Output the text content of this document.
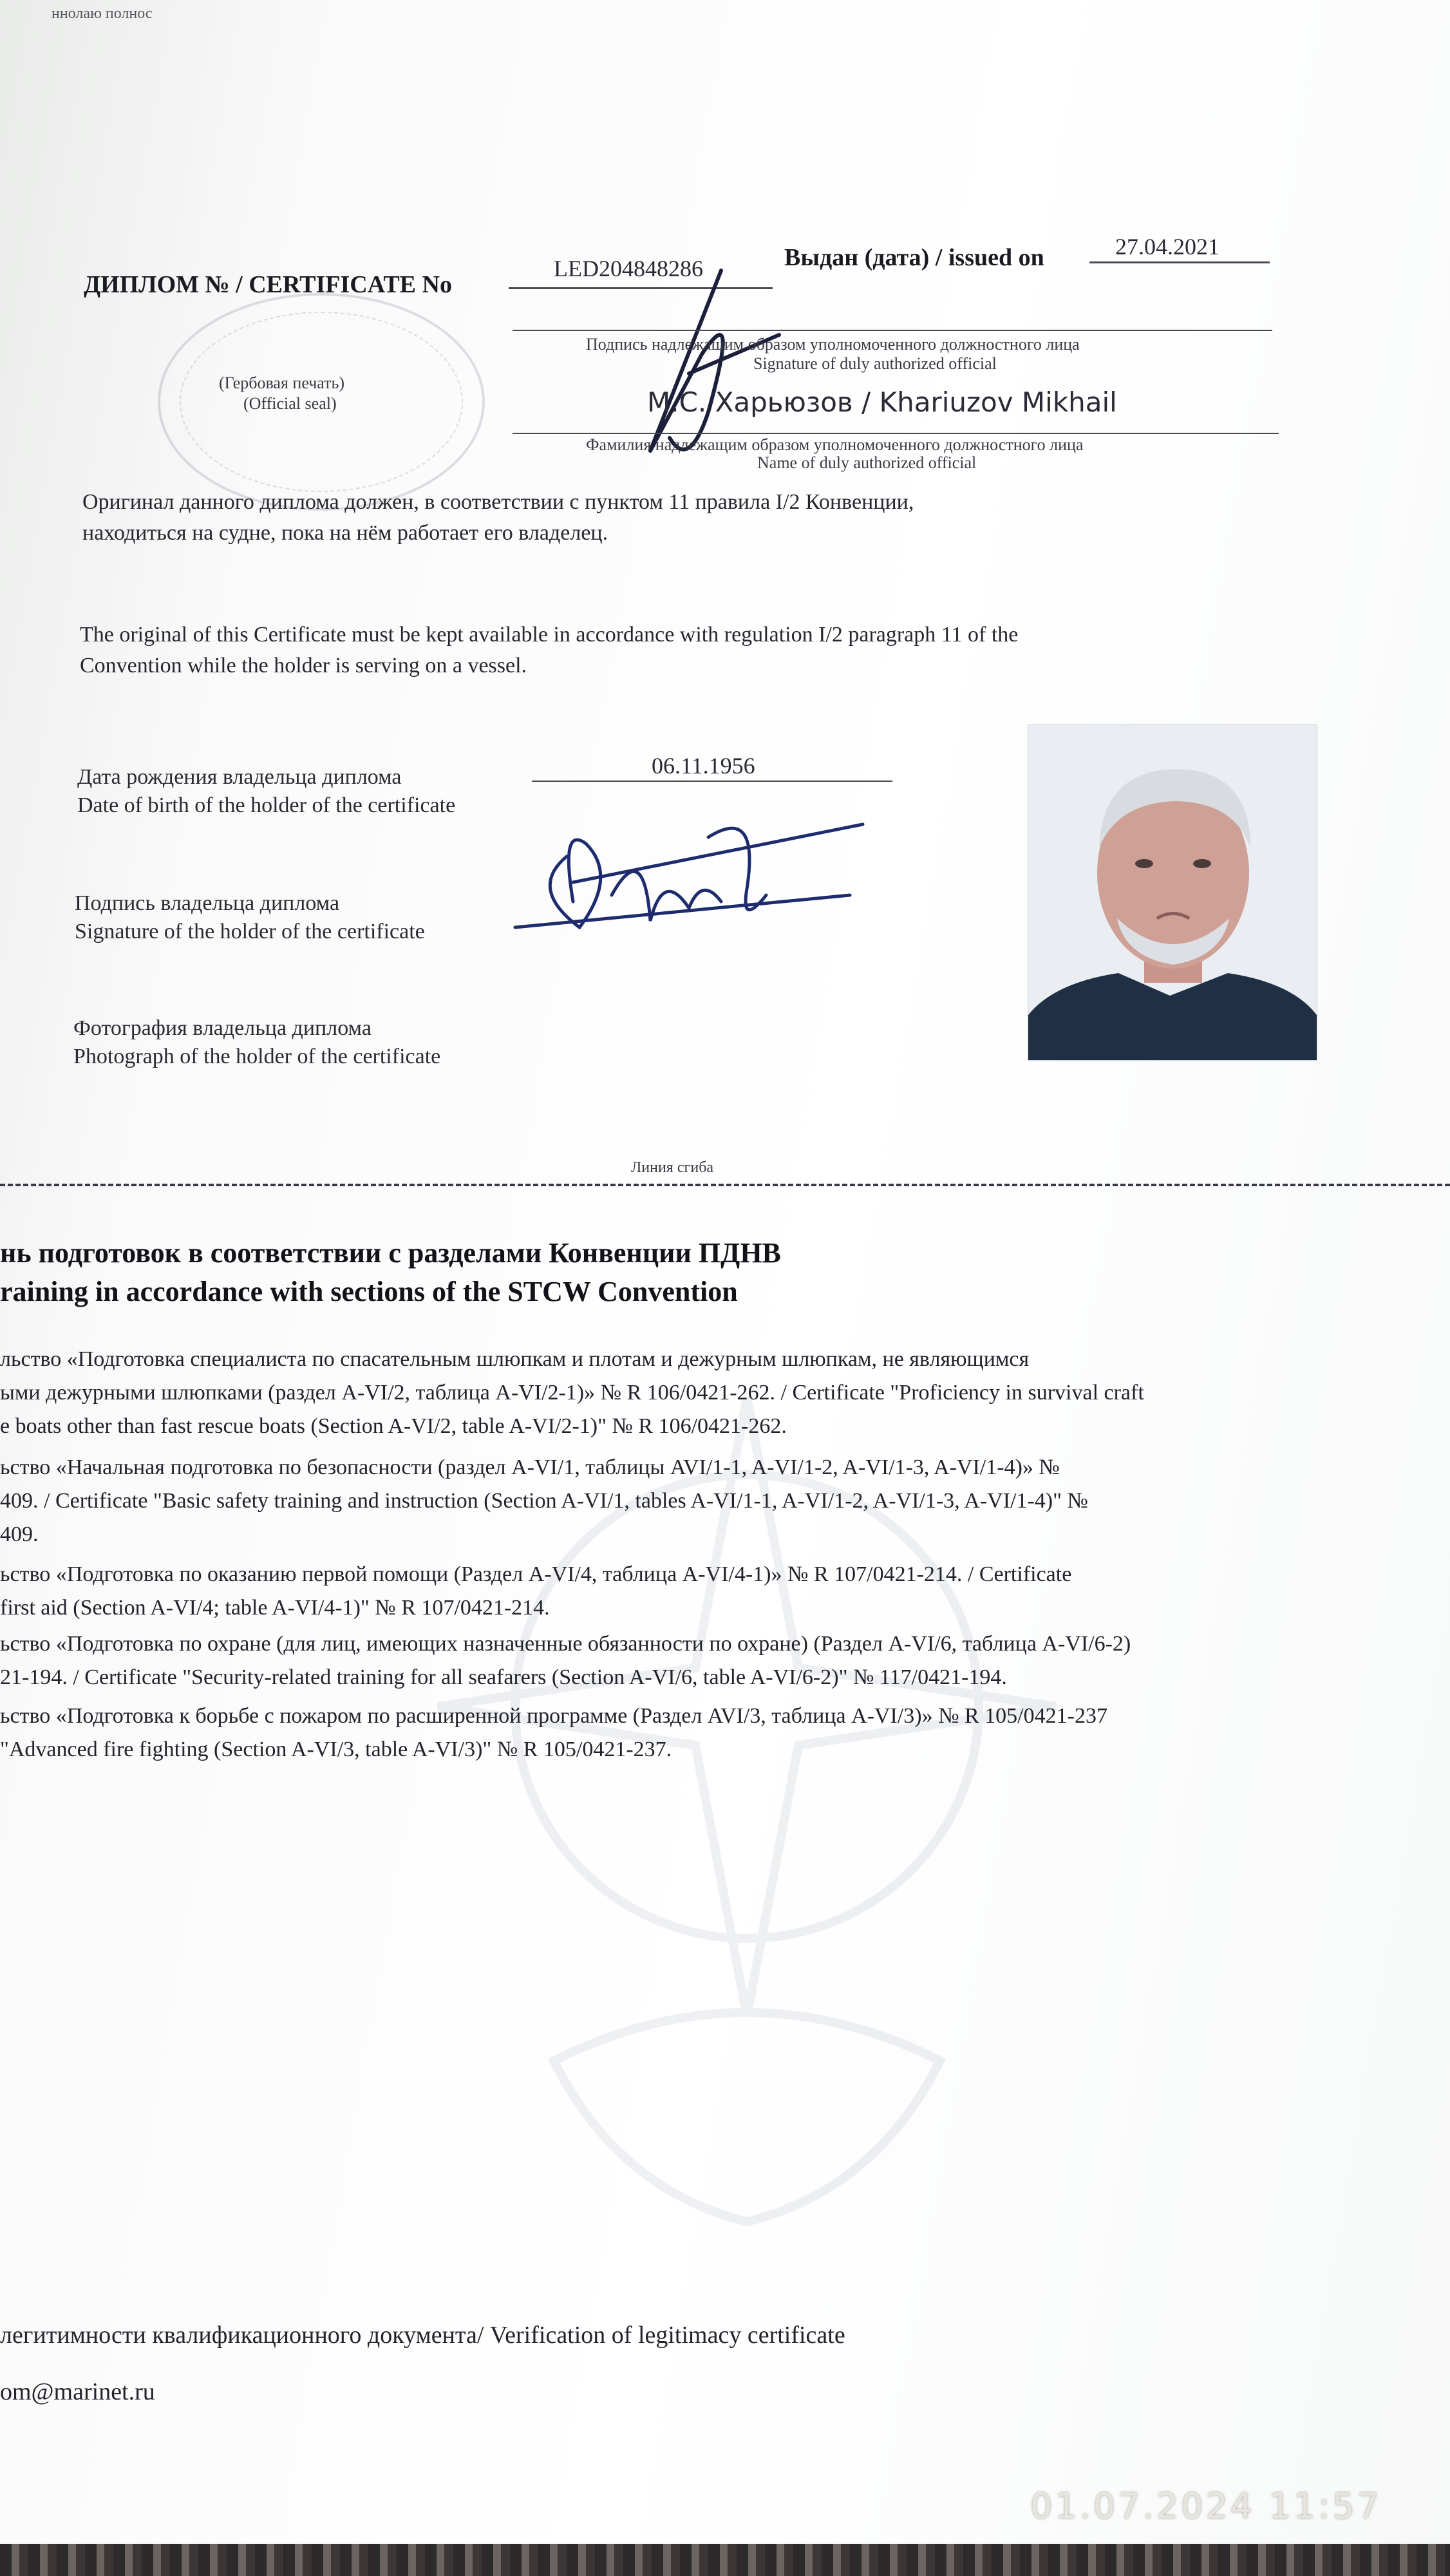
ннолаю полнос
(Гербовая печать)
(Official seal)
ДИПЛОМ № / CERTIFICATE No
LED204848286	Выдан (дата) / issued on	27.04.2021
Подпись надлежащим образом уполномоченного должностного лица
Signature of duly authorized official
М.С. Харьюзов / Khariuzov Mikhail
Фамилия надлежащим образом уполномоченного должностного лица
Name of duly authorized official
Оригинал данного диплома должен, в соответствии с пунктом 11 правила I/2 Конвенции,
находиться на судне, пока на нём работает его владелец.
The original of this Certificate must be kept available in accordance with regulation I/2 paragraph 11 of the
Convention while the holder is serving on a vessel.
Дата рождения владельца диплома
Date of birth of the holder of the certificate
06.11.1956
Подпись владельца диплома
Signature of the holder of the certificate
Фотография владельца диплома
Photograph of the holder of the certificate
Линия сгиба
нь подготовок в соответствии с разделами Конвенции ПДНВ
raining in accordance with sections of the STCW Convention
льство «Подготовка специалиста по спасательным шлюпкам и плотам и дежурным шлюпкам, не являющимся
ыми дежурными шлюпками (раздел A-VI/2, таблица A-VI/2-1)» № R 106/0421-262. / Certificate "Proficiency in survival craft
e boats other than fast rescue boats (Section A-VI/2, table A-VI/2-1)" № R 106/0421-262.
ьство «Начальная подготовка по безопасности (раздел A-VI/1, таблицы AVI/1-1, A-VI/1-2, A-VI/1-3, A-VI/1-4)» №
409. / Certificate "Basic safety training and instruction (Section A-VI/1, tables A-VI/1-1, A-VI/1-2, A-VI/1-3, A-VI/1-4)" №
409.
ьство «Подготовка по оказанию первой помощи (Раздел A-VI/4, таблица A-VI/4-1)» № R 107/0421-214. / Certificate
first aid (Section A-VI/4; table A-VI/4-1)" № R 107/0421-214.
ьство «Подготовка по охране (для лиц, имеющих назначенные обязанности по охране) (Раздел A-VI/6, таблица A-VI/6-2)
21-194. / Certificate "Security-related training for all seafarers (Section A-VI/6, table A-VI/6-2)" № 117/0421-194.
ьство «Подготовка к борьбе с пожаром по расширенной программе (Раздел AVI/3, таблица A-VI/3)» № R 105/0421-237
"Advanced fire fighting (Section A-VI/3, table A-VI/3)" № R 105/0421-237.
легитимности квалификационного документа/ Verification of legitimacy certificate
om@marinet.ru
01.07.2024 11:57
